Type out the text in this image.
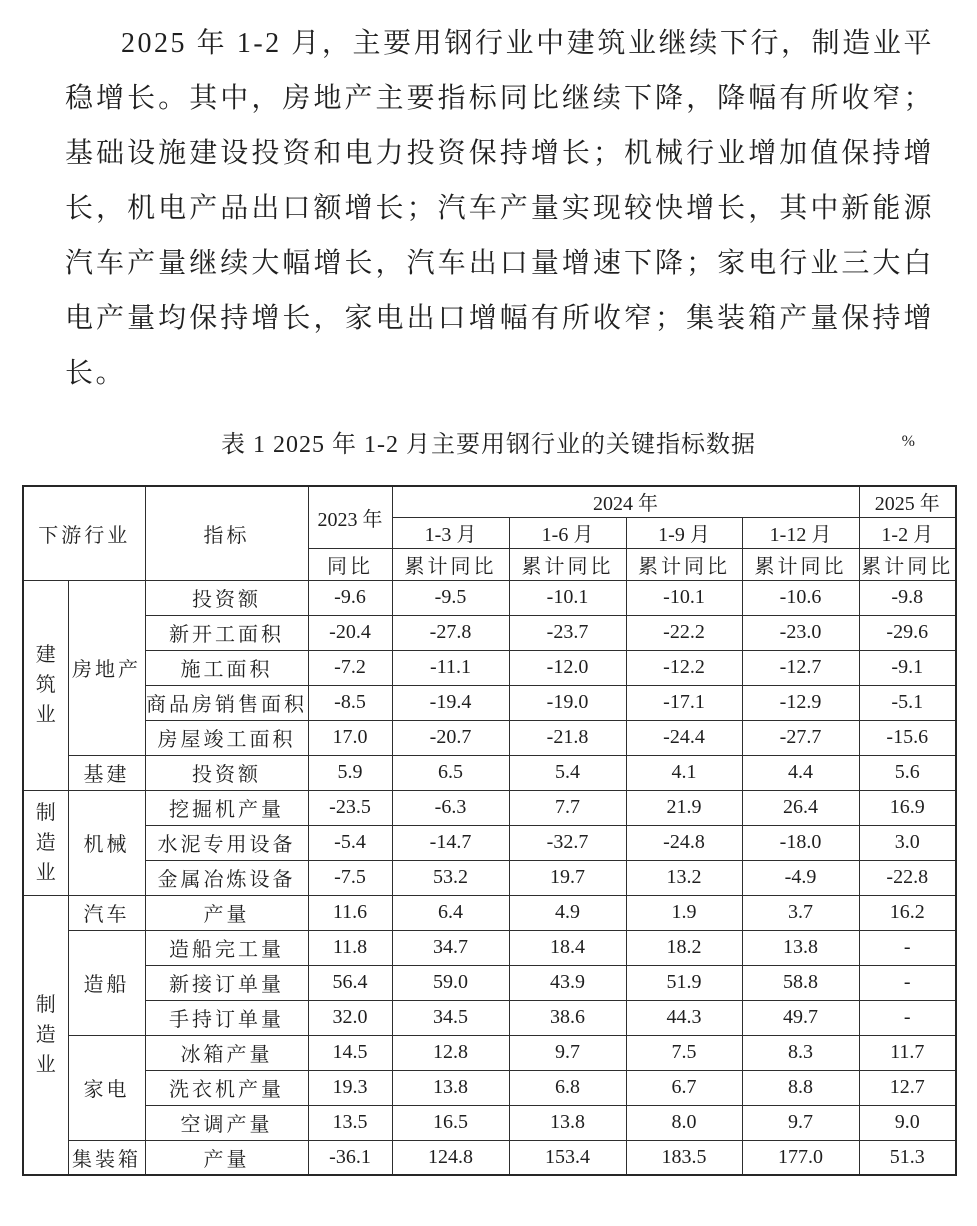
2025 年 1-2 月，主要用钢行业中建筑业继续下行，制造业平稳增长。其中，房地产主要指标同比继续下降，降幅有所收窄；基础设施建设投资和电力投资保持增长；机械行业增加值保持增长，机电产品出口额增长；汽车产量实现较快增长，其中新能源汽车产量继续大幅增长，汽车出口量增速下降；家电行业三大白电产量均保持增长，家电出口增幅有所收窄；集装箱产量保持增长。

表 1 2025 年 1-2 月主要用钢行业的关键指标数据	%
下游行业		指标	2023 年	2024 年				2025 年
				1-3 月	1-6 月	1-9 月	1-12 月	1-2 月
			同比	累计同比	累计同比	累计同比	累计同比	累计同比

建筑业	房地产	投资额	-9.6	-9.5	-10.1	-10.1	-10.6	-9.8
		新开工面积	-20.4	-27.8	-23.7	-22.2	-23.0	-29.6
		施工面积	-7.2	-11.1	-12.0	-12.2	-12.7	-9.1
		商品房销售面积	-8.5	-19.4	-19.0	-17.1	-12.9	-5.1
		房屋竣工面积	17.0	-20.7	-21.8	-24.4	-27.7	-15.6
	基建	投资额	5.9	6.5	5.4	4.1	4.4	5.6

制造业	机械	挖掘机产量	-23.5	-6.3	7.7	21.9	26.4	16.9
		水泥专用设备	-5.4	-14.7	-32.7	-24.8	-18.0	3.0
		金属冶炼设备	-7.5	53.2	19.7	13.2	-4.9	-22.8

制造业	汽车	产量	11.6	6.4	4.9	1.9	3.7	16.2
	造船	造船完工量	11.8	34.7	18.4	18.2	13.8	-
		新接订单量	56.4	59.0	43.9	51.9	58.8	-
		手持订单量	32.0	34.5	38.6	44.3	49.7	-
	家电	冰箱产量	14.5	12.8	9.7	7.5	8.3	11.7
		洗衣机产量	19.3	13.8	6.8	6.7	8.8	12.7
		空调产量	13.5	16.5	13.8	8.0	9.7	9.0
	集装箱	产量	-36.1	124.8	153.4	183.5	177.0	51.3
